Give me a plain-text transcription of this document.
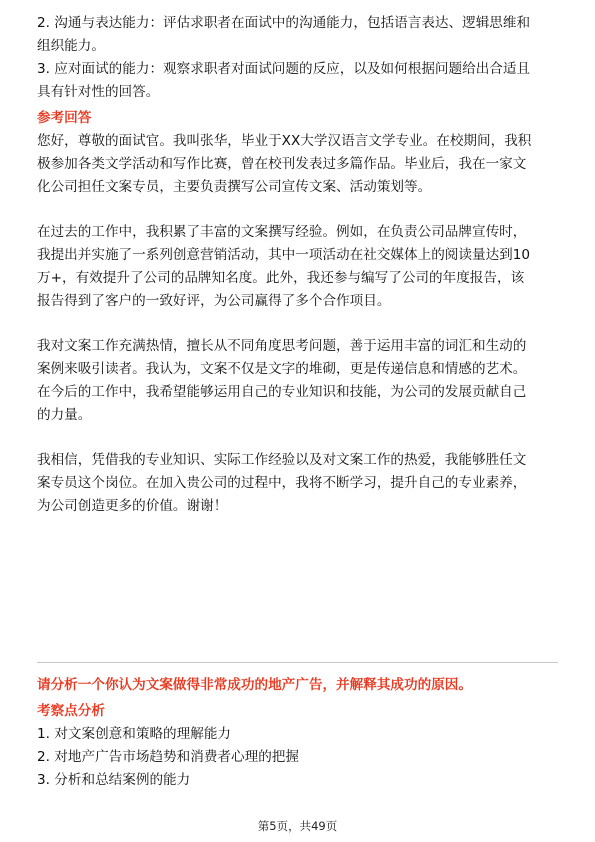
2. 沟通与表达能力：评估求职者在面试中的沟通能力，包括语言表达、逻辑思维和

组织能力。

3. 应对面试的能力：观察求职者对面试问题的反应，以及如何根据问题给出合适且

具有针对性的回答。

参考回答

您好，尊敬的面试官。我叫张华，毕业于XX大学汉语言文学专业。在校期间，我积

极参加各类文学活动和写作比赛，曾在校刊发表过多篇作品。毕业后，我在一家文

化公司担任文案专员，主要负责撰写公司宣传文案、活动策划等。

在过去的工作中，我积累了丰富的文案撰写经验。例如，在负责公司品牌宣传时，

我提出并实施了一系列创意营销活动，其中一项活动在社交媒体上的阅读量达到10

万+，有效提升了公司的品牌知名度。此外，我还参与编写了公司的年度报告，该

报告得到了客户的一致好评，为公司赢得了多个合作项目。

我对文案工作充满热情，擅长从不同角度思考问题，善于运用丰富的词汇和生动的

案例来吸引读者。我认为，文案不仅是文字的堆砌，更是传递信息和情感的艺术。

在今后的工作中，我希望能够运用自己的专业知识和技能，为公司的发展贡献自己

的力量。

我相信，凭借我的专业知识、实际工作经验以及对文案工作的热爱，我能够胜任文

案专员这个岗位。在加入贵公司的过程中，我将不断学习，提升自己的专业素养，

为公司创造更多的价值。谢谢！

请分析一个你认为文案做得非常成功的地产广告，并解释其成功的原因。

考察点分析

1. 对文案创意和策略的理解能力

2. 对地产广告市场趋势和消费者心理的把握

3. 分析和总结案例的能力

第5页，共49页
